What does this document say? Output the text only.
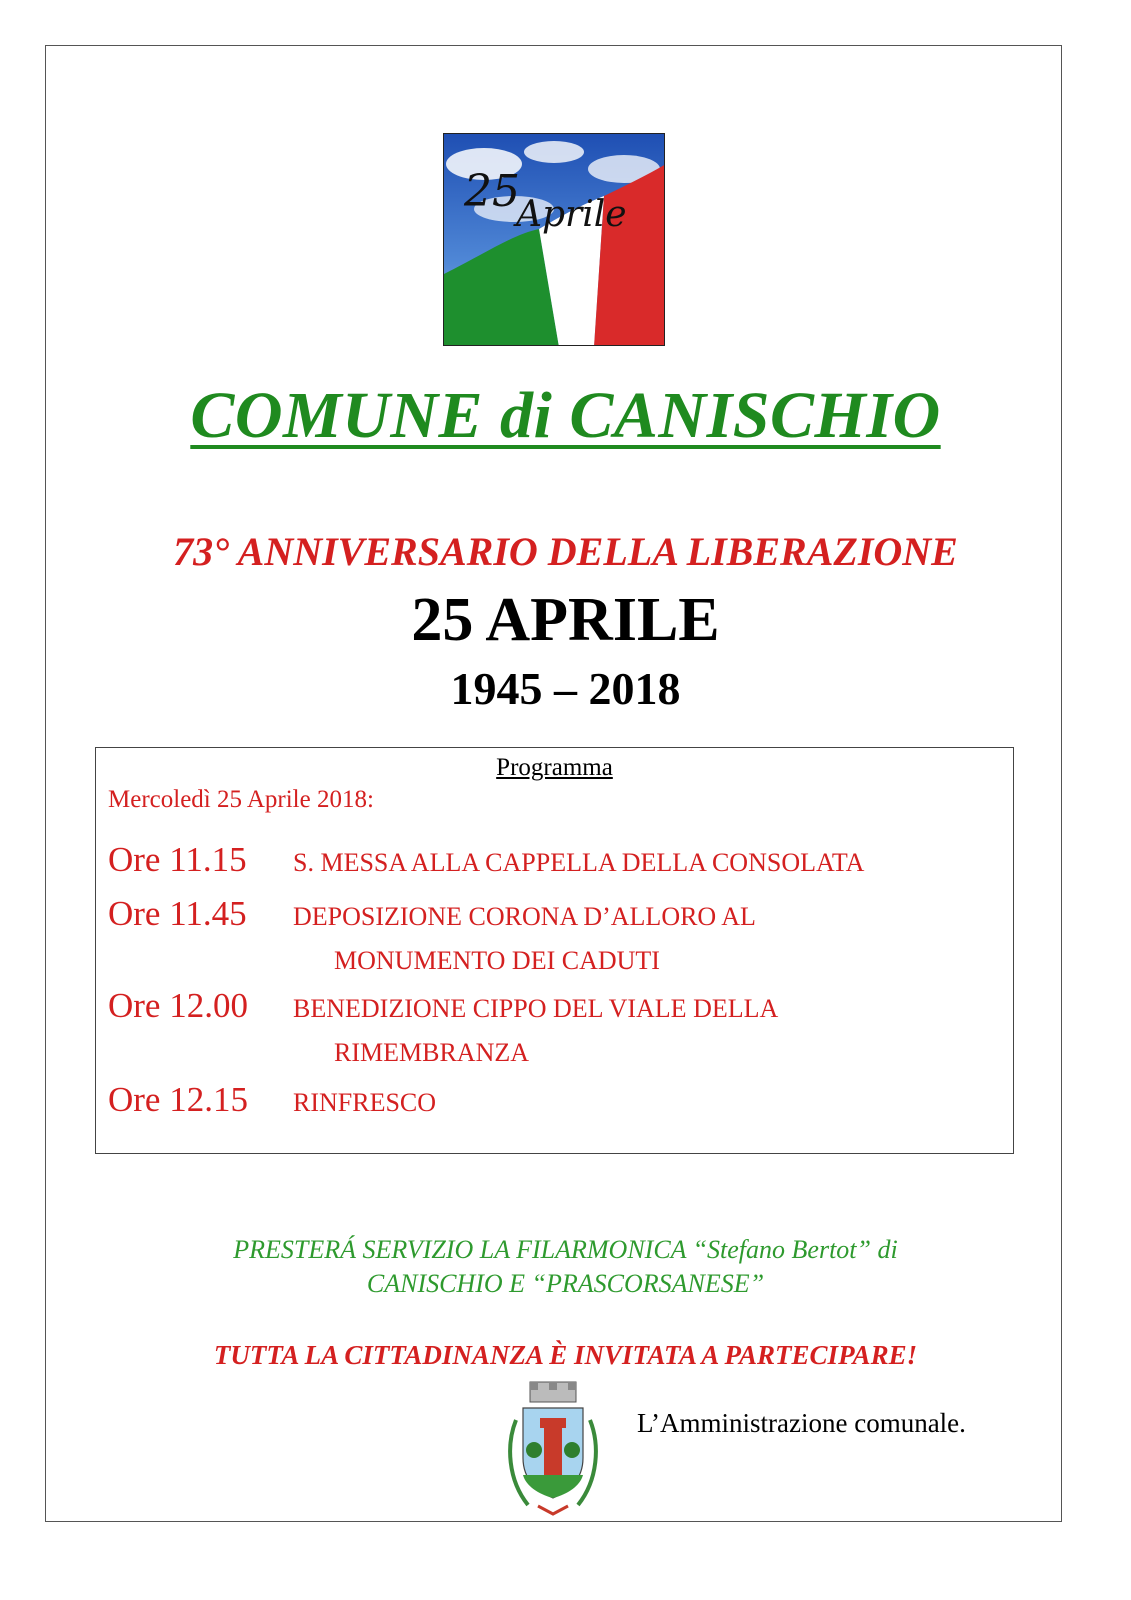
25
Aprile
COMUNE di CANISCHIO
73° ANNIVERSARIO DELLA LIBERAZIONE
25 APRILE
1945 – 2018
Programma
Mercoledì 25 Aprile 2018:
Ore 11.15 S. MESSA ALLA CAPPELLA DELLA CONSOLATA
Ore 11.45 DEPOSIZIONE CORONA D’ALLORO AL
MONUMENTO DEI CADUTI
Ore 12.00 BENEDIZIONE CIPPO DEL VIALE DELLA
RIMEMBRANZA
Ore 12.15 RINFRESCO
PRESTERÁ SERVIZIO LA FILARMONICA “Stefano Bertot” di
CANISCHIO E “PRASCORSANESE”
TUTTA LA CITTADINANZA È INVITATA A PARTECIPARE!
L’Amministrazione comunale.
